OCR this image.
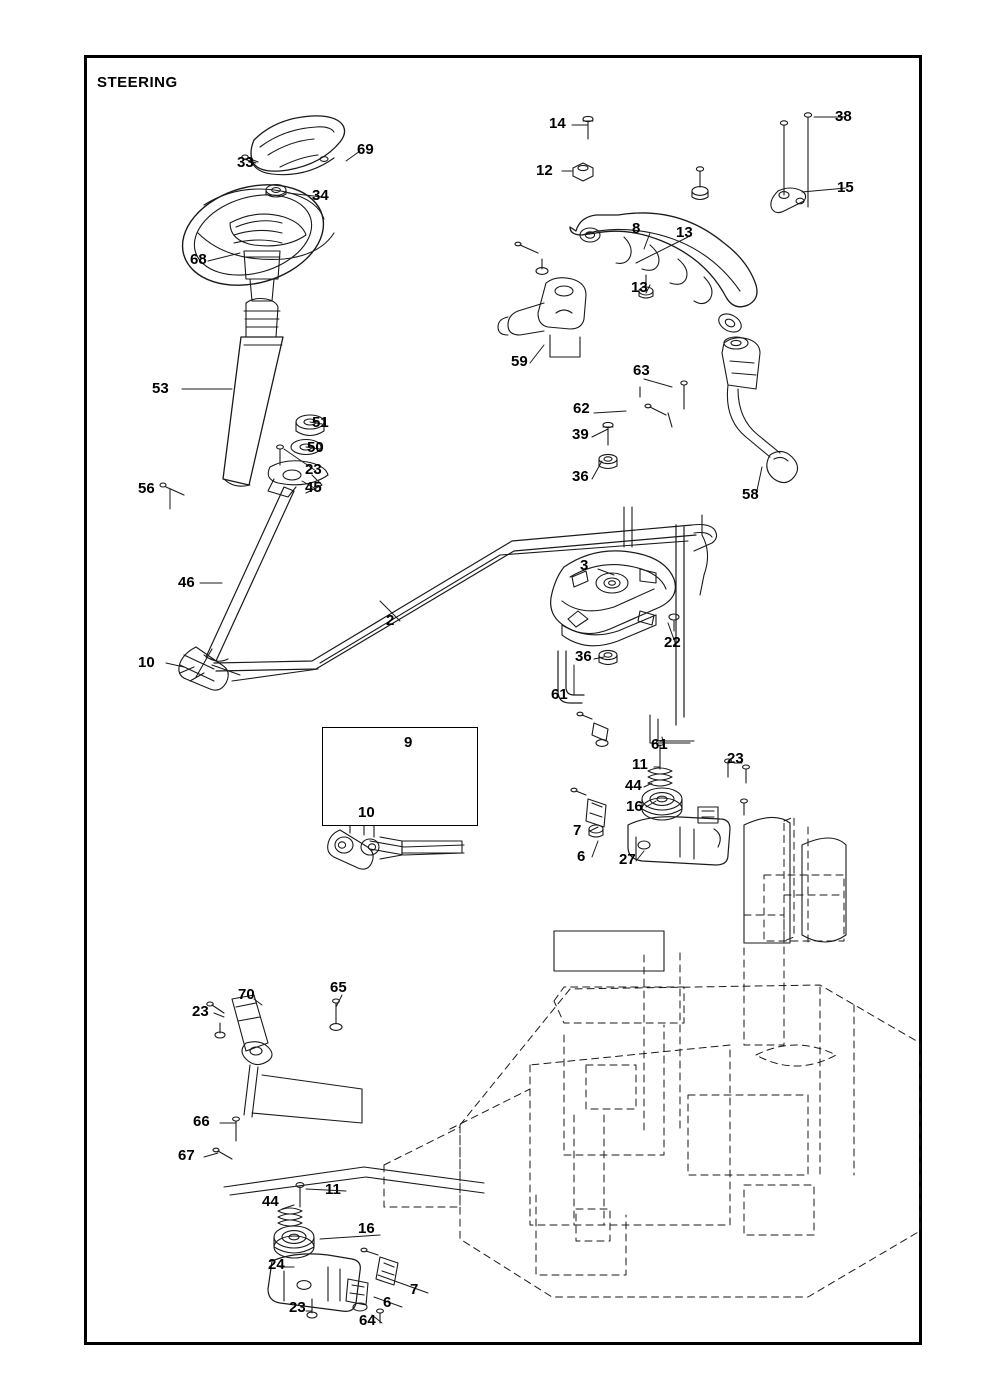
STEERING
69
33
34
68
53
51
50
23
45
56
46
2
10
9
10
14	38
12
15
8 13
13
59
63
62
39
36
58
3
22
36
61
61
11	23
44
16
7
6 27
23
70	65
66
67
11
44
16
24
7
6
23
64
